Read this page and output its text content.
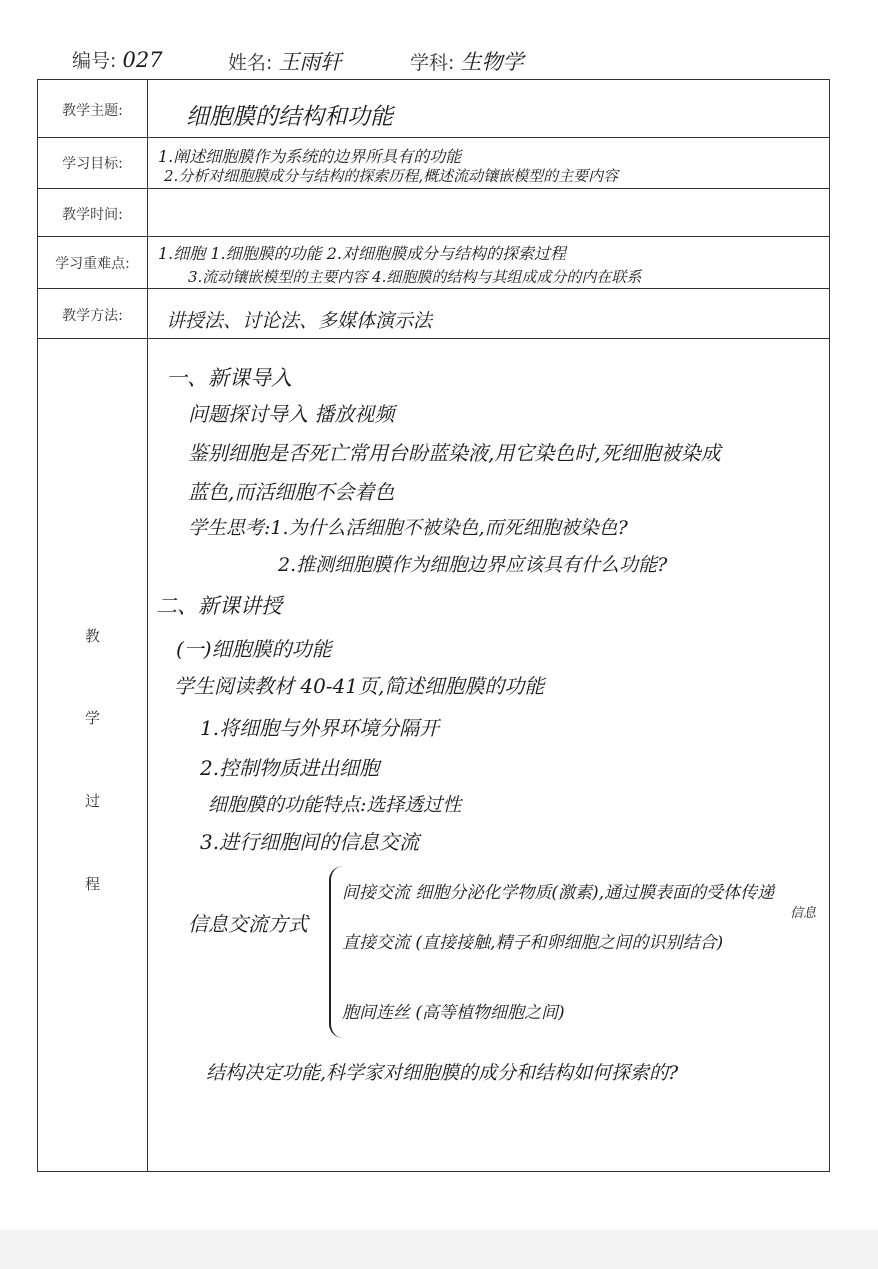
编号: 027	姓名: 王雨轩	学科: 生物学
教学主题:
学习目标:
教学时间:
学习重难点:
教学方法:
教
学
过
程
细胞膜的结构和功能
1.阐述细胞膜作为系统的边界所具有的功能
2.分析对细胞膜成分与结构的探索历程,概述流动镶嵌模型的主要内容
1.细胞 1.细胞膜的功能 2.对细胞膜成分与结构的探索过程
3.流动镶嵌模型的主要内容 4.细胞膜的结构与其组成成分的内在联系
讲授法、讨论法、多媒体演示法
一、新课导入
问题探讨导入 播放视频
鉴别细胞是否死亡常用台盼蓝染液,用它染色时,死细胞被染成
蓝色,而活细胞不会着色
学生思考:1.为什么活细胞不被染色,而死细胞被染色?
2.推测细胞膜作为细胞边界应该具有什么功能?
二、新课讲授
(一)细胞膜的功能
学生阅读教材 40-41页,简述细胞膜的功能
1.将细胞与外界环境分隔开
2.控制物质进出细胞
细胞膜的功能特点:选择透过性
3.进行细胞间的信息交流
信息交流方式
间接交流 细胞分泌化学物质(激素),通过膜表面的受体传递
信息
直接交流 (直接接触,精子和卵细胞之间的识别结合)
胞间连丝 (高等植物细胞之间)
结构决定功能,科学家对细胞膜的成分和结构如何探索的?
